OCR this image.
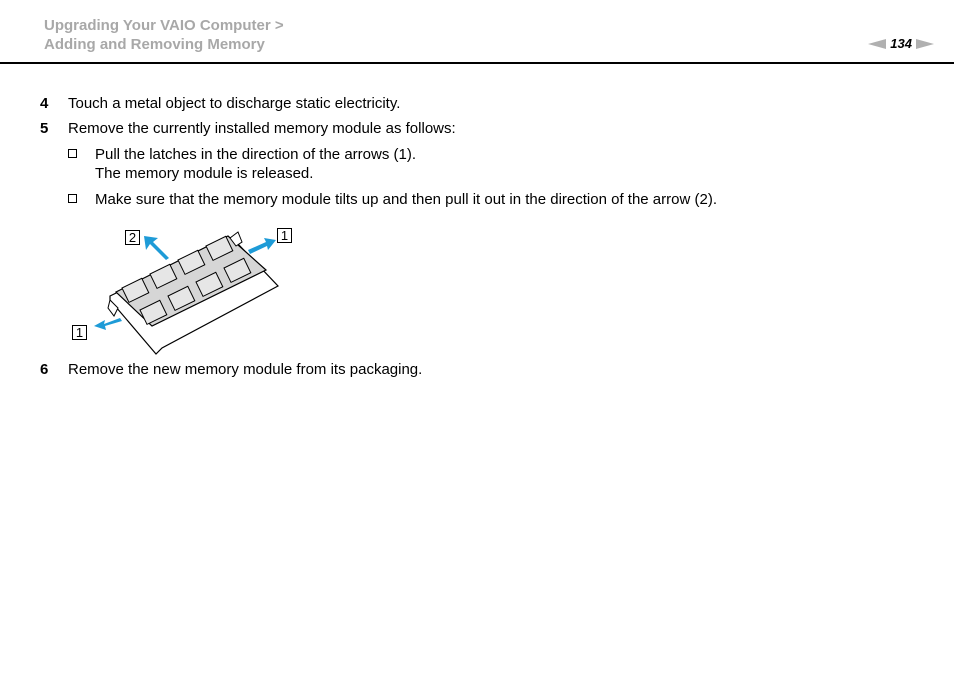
Upgrading Your VAIO Computer >
Adding and Removing Memory	134
4 Touch a metal object to discharge static electricity.
5 Remove the currently installed memory module as follows:
Pull the latches in the direction of the arrows (1).
The memory module is released.
Make sure that the memory module tilts up and then pull it out in the direction of the arrow (2).
2	1
1
6 Remove the new memory module from its packaging.
